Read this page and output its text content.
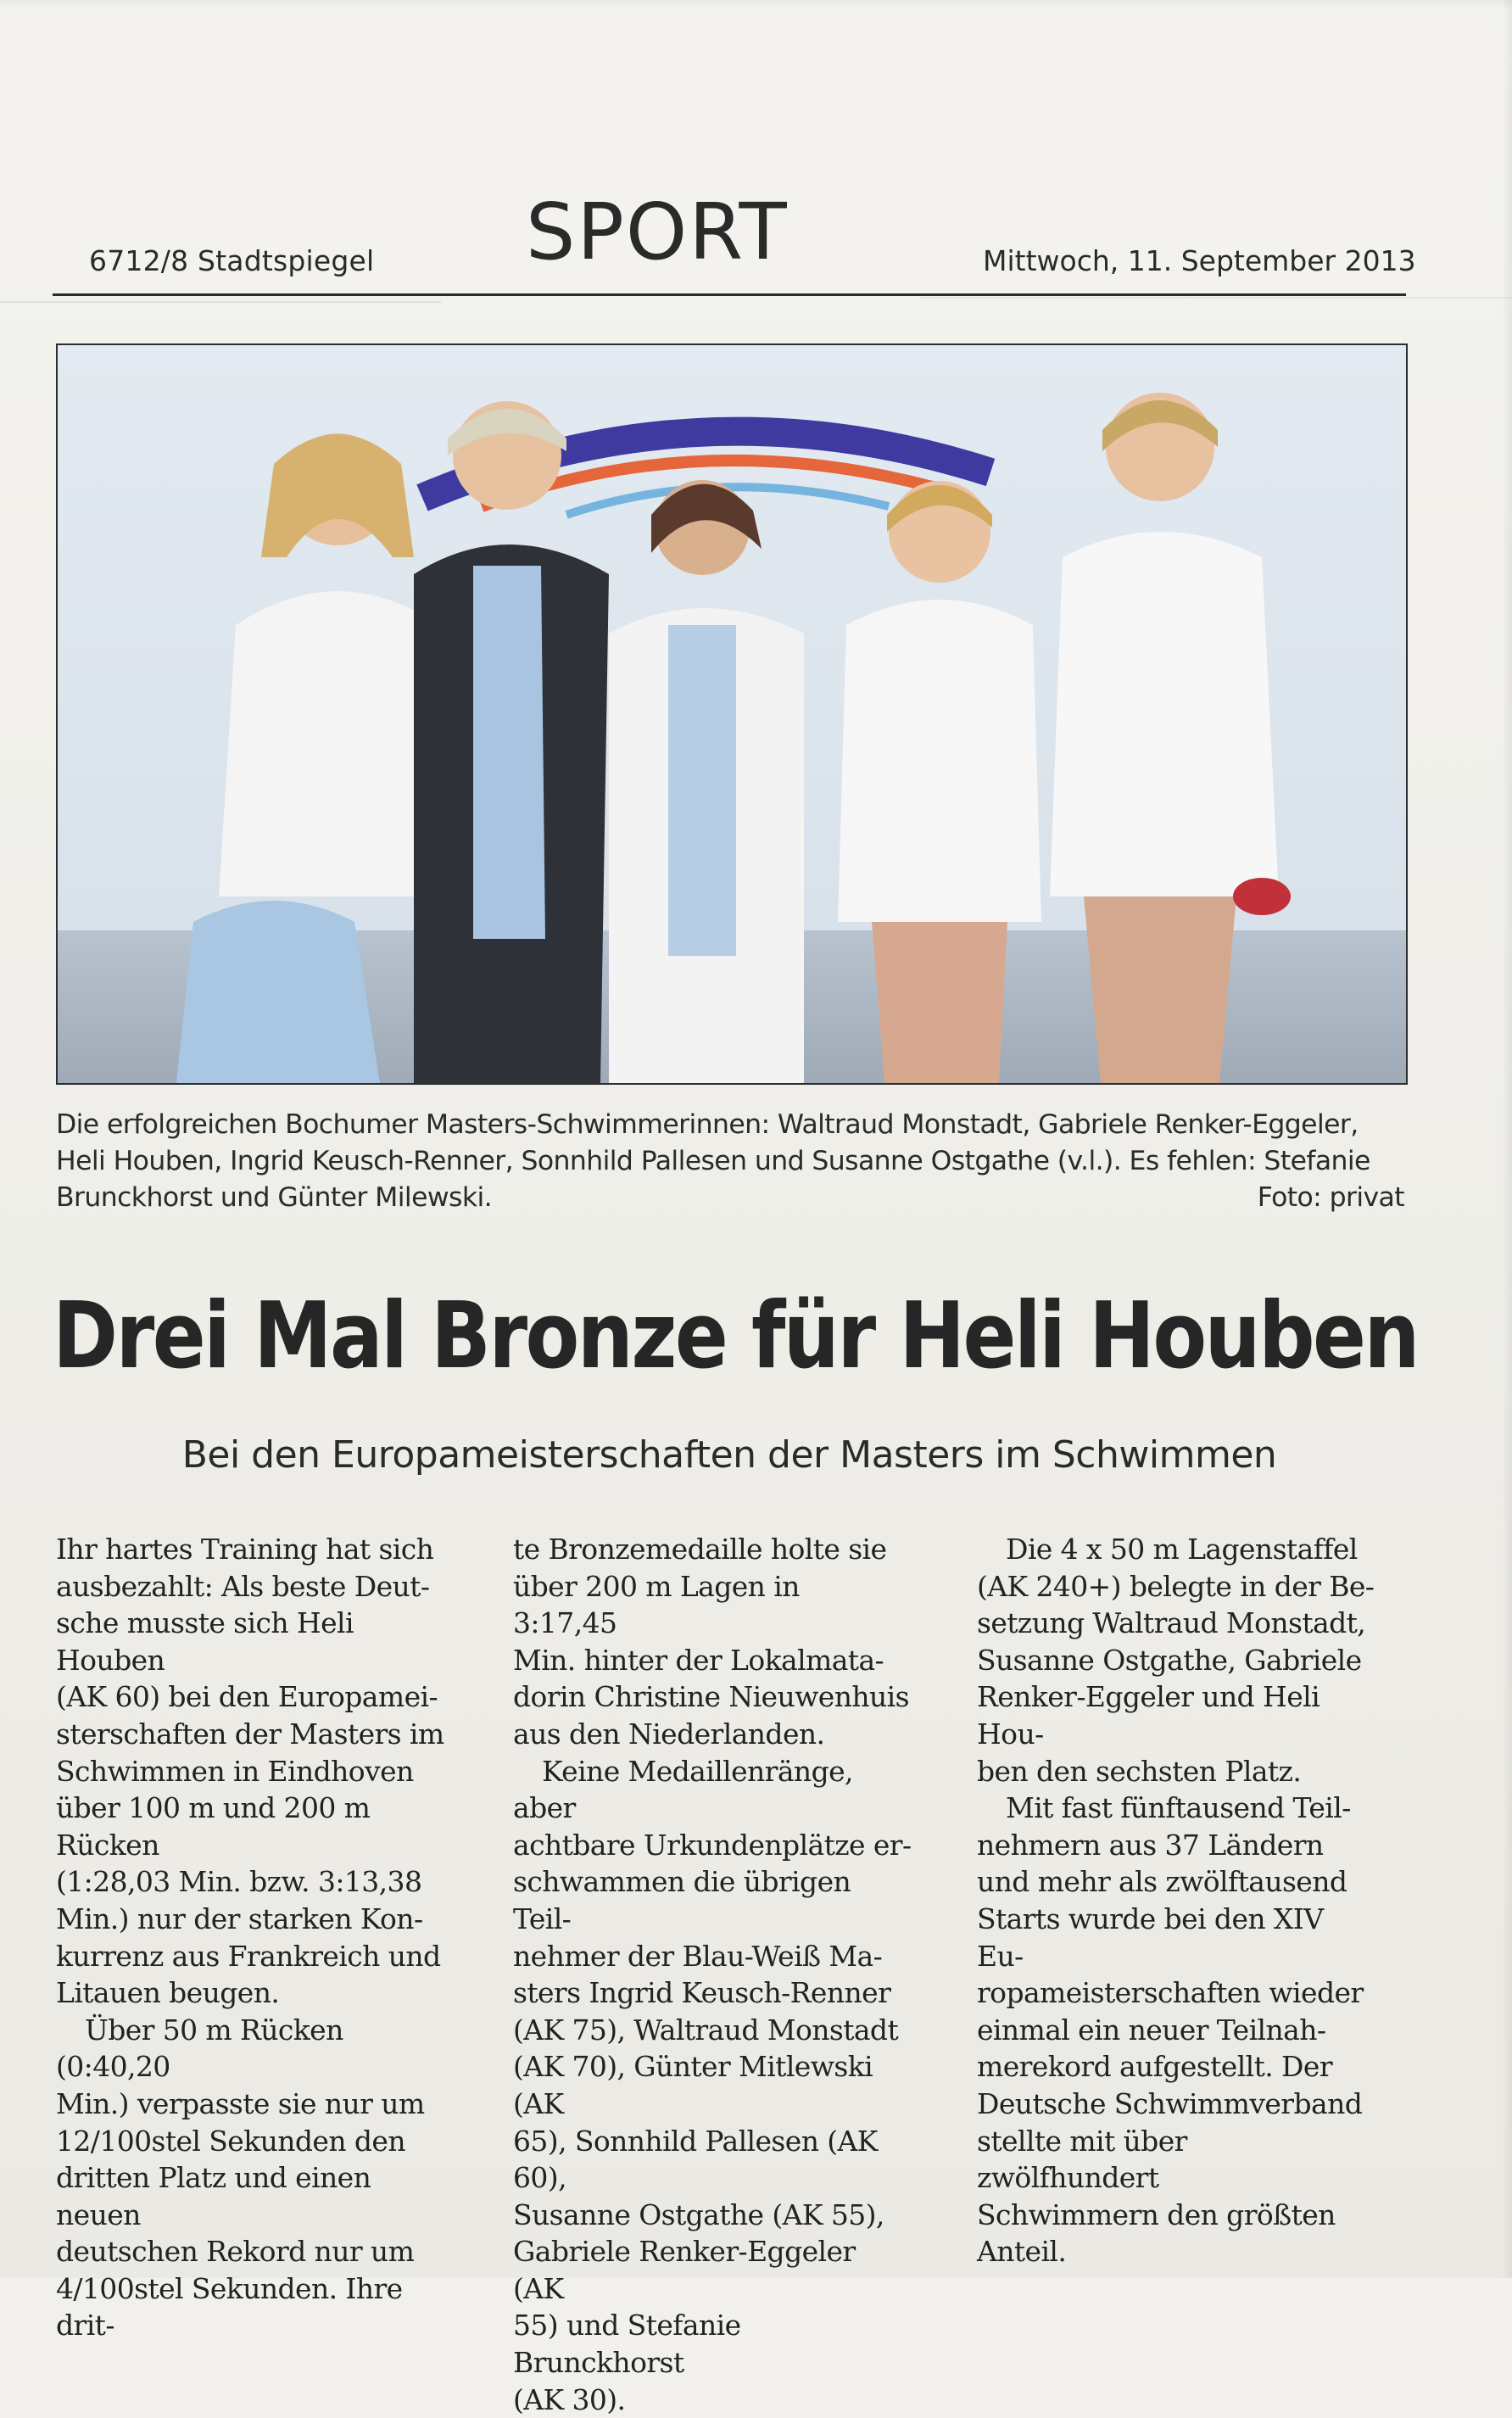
6712/8 Stadtspiegel SPORT	Mittwoch, 11. September 2013
Die erfolgreichen Bochumer Masters-Schwimmerinnen: Waltraud Monstadt, Gabriele Renker-Eggeler, Heli Houben, Ingrid Keusch-Renner, Sonnhild Pallesen und Susanne Ostgathe (v.l.). Es fehlen: Stefanie Brunckhorst und Günter Milewski.	Foto: privat
Drei Mal Bronze für Heli Houben
Bei den Europameisterschaften der Masters im Schwimmen

Ihr hartes Training hat sich
ausbezahlt: Als beste Deut-
sche musste sich Heli Houben
(AK 60) bei den Europamei-
sterschaften der Masters im
Schwimmen in Eindhoven
über 100 m und 200 m Rücken
(1:28,03 Min. bzw. 3:13,38
Min.) nur der starken Kon-
kurrenz aus Frankreich und
Litauen beugen.

Über 50 m Rücken (0:40,20
Min.) verpasste sie nur um
12/100stel Sekunden den
dritten Platz und einen neuen
deutschen Rekord nur um
4/100stel Sekunden. Ihre drit-

te Bronzemedaille holte sie
über 200 m Lagen in 3:17,45
Min. hinter der Lokalmata-
dorin Christine Nieuwenhuis
aus den Niederlanden.

Keine Medaillenränge, aber
achtbare Urkundenplätze er-
schwammen die übrigen Teil-
nehmer der Blau-Weiß Ma-
sters Ingrid Keusch-Renner
(AK 75), Waltraud Monstadt
(AK 70), Günter Mitlewski (AK
65), Sonnhild Pallesen (AK 60),
Susanne Ostgathe (AK 55),
Gabriele Renker-Eggeler (AK
55) und Stefanie Brunckhorst
(AK 30).

Die 4 x 50 m Lagenstaffel
(AK 240+) belegte in der Be-
setzung Waltraud Monstadt,
Susanne Ostgathe, Gabriele
Renker-Eggeler und Heli Hou-
ben den sechsten Platz.

Mit fast fünftausend Teil-
nehmern aus 37 Ländern
und mehr als zwölftausend
Starts wurde bei den XIV Eu-
ropameisterschaften wieder
einmal ein neuer Teilnah-
merekord aufgestellt. Der
Deutsche Schwimmverband
stellte mit über zwölfhundert
Schwimmern den größten
Anteil.
